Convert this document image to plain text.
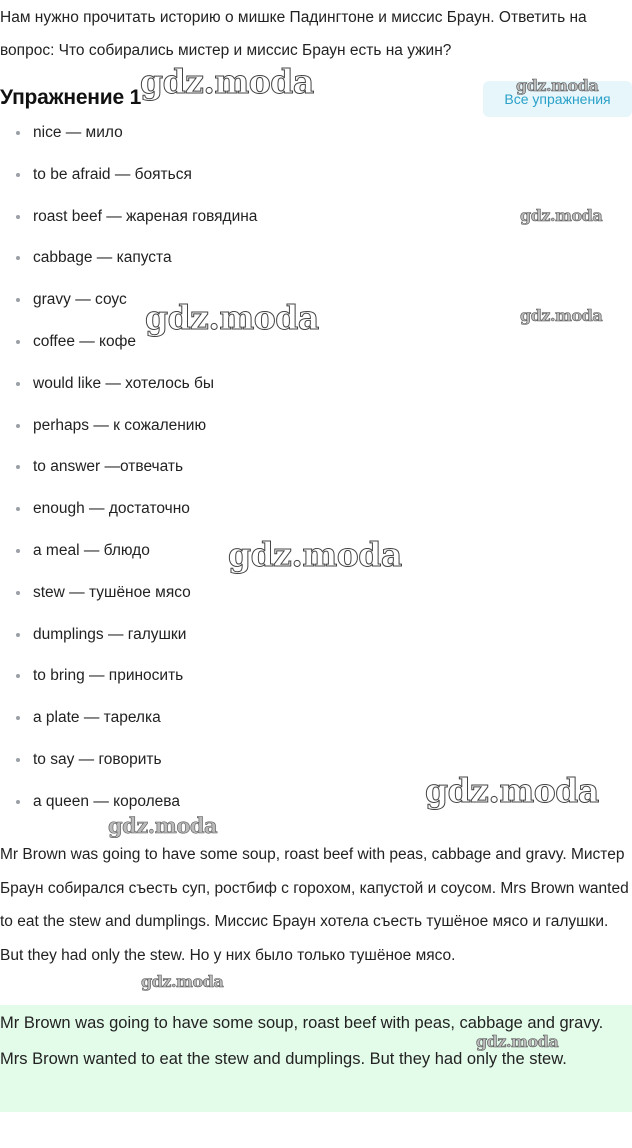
Нам нужно прочитать историю о мишке Падингтоне и миссис Браун. Ответить на вопрос: Что собирались мистер и миссис Браун есть на ужин?
Упражнение 1	Все упражнения
nice — мило
to be afraid — бояться
roast beef — жареная говядина
cabbage — капуста
gravy — соус
coffee — кофе
would like — хотелось бы
perhaps — к сожалению
to answer —отвечать
enough — достаточно
a meal — блюдо
stew — тушёное мясо
dumplings — галушки
to bring — приносить
a plate — тарелка
to say — говорить
a queen — королева
Mr Brown was going to have some soup, roast beef with peas, cabbage and gravy. Мистер Браун собирался съесть суп, ростбиф с горохом, капустой и соусом. Mrs Brown wanted to eat the stew and dumplings. Миссис Браун хотела съесть тушёное мясо и галушки. But they had only the stew. Но у них было только тушёное мясо.
Mr Brown was going to have some soup, roast beef with peas, cabbage and gravy. Mrs Brown wanted to eat the stew and dumplings. But they had only the stew.
gdz.moda	gdz.moda
gdz.moda
gdz.moda	gdz.moda
gdz.moda
gdz.moda
gdz.moda
gdz.moda
gdz.moda
